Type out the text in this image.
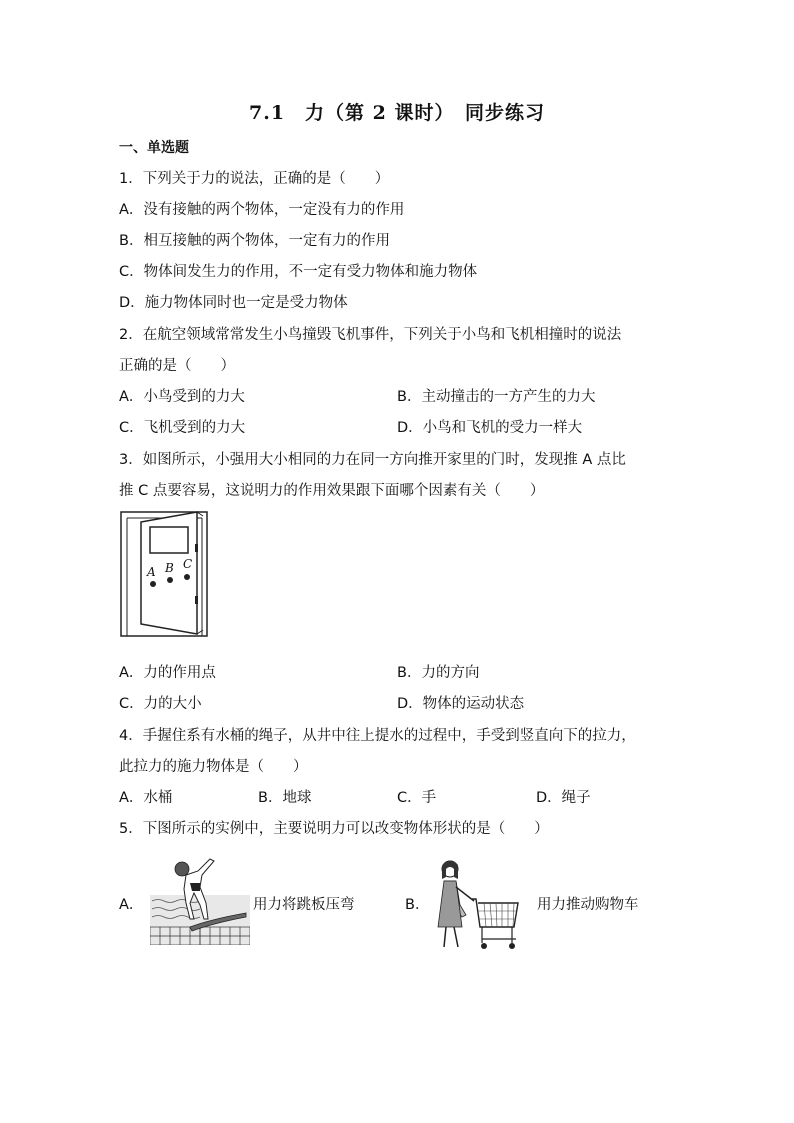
7.1　力（第 2 课时）　同步练习
一、单选题
1．下列关于力的说法，正确的是（　　）
A．没有接触的两个物体，一定没有力的作用
B．相互接触的两个物体，一定有力的作用
C．物体间发生力的作用，不一定有受力物体和施力物体
D．施力物体同时也一定是受力物体
2．在航空领域常常发生小鸟撞毁飞机事件，下列关于小鸟和飞机相撞时的说法
正确的是（　　）
A．小鸟受到的力大	B．主动撞击的一方产生的力大
C．飞机受到的力大	D．小鸟和飞机的受力一样大
3．如图所示，小强用大小相同的力在同一方向推开家里的门时，发现推 A 点比
推 C 点要容易，这说明力的作用效果跟下面哪个因素有关（　　）
A B C
A．力的作用点	B．力的方向
C．力的大小	D．物体的运动状态
4．手握住系有水桶的绳子，从井中往上提水的过程中，手受到竖直向下的拉力，
此拉力的施力物体是（　　）
A．水桶	B．地球	C．手	D．绳子
5．下图所示的实例中，主要说明力可以改变物体形状的是（　　）
A．	用力将跳板压弯	B．	用力推动购物车
